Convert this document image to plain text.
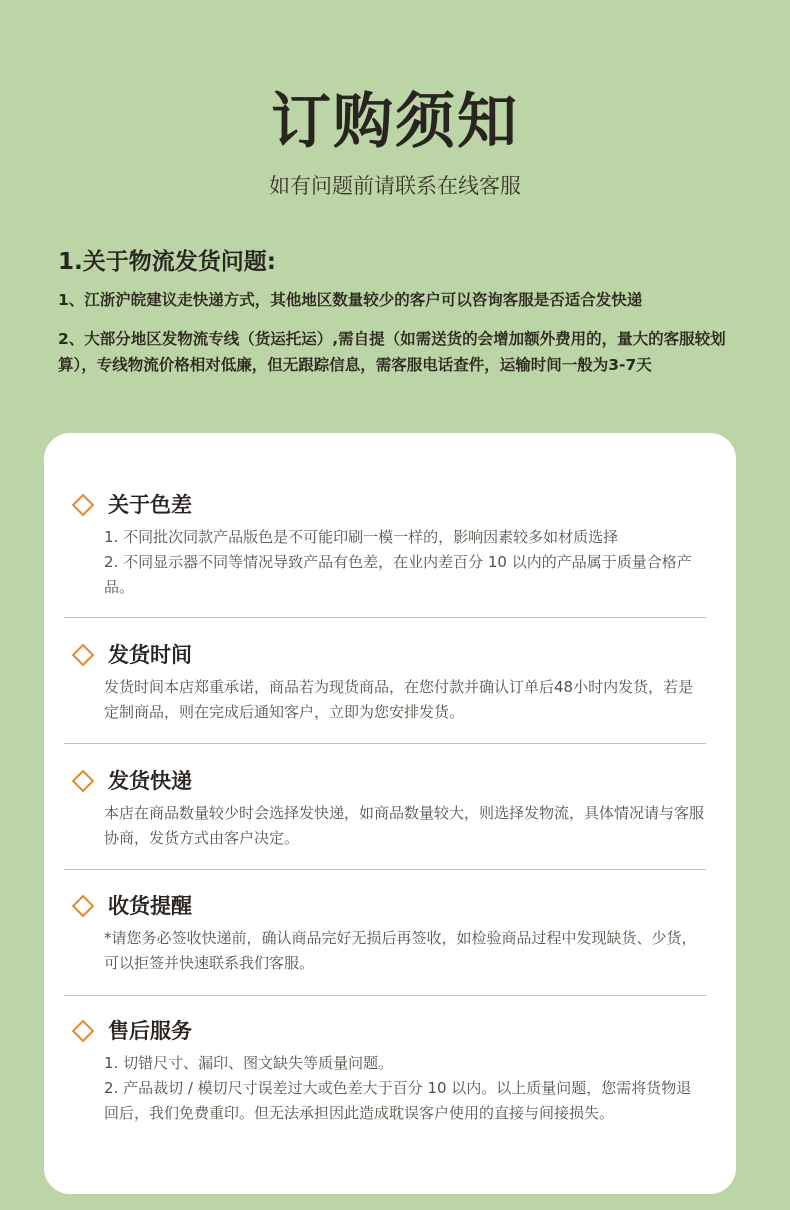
订购须知
如有问题前请联系在线客服
1.关于物流发货问题:
1、江浙沪皖建议走快递方式，其他地区数量较少的客户可以咨询客服是否适合发快递
2、大部分地区发物流专线（货运托运）,需自提（如需送货的会增加额外费用的，量大的客服较划算），专线物流价格相对低廉，但无跟踪信息，需客服电话查件，运输时间一般为3-7天
关于色差
1. 不同批次同款产品版色是不可能印刷一模一样的，影响因素较多如材质选择
2. 不同显示器不同等情况导致产品有色差，在业内差百分 10 以内的产品属于质量合格产品。
发货时间
发货时间本店郑重承诺，商品若为现货商品，在您付款并确认订单后48小时内发货，若是定制商品，则在完成后通知客户，立即为您安排发货。
发货快递
本店在商品数量较少时会选择发快递，如商品数量较大，则选择发物流，具体情况请与客服协商，发货方式由客户决定。
收货提醒
*请您务必签收快递前，确认商品完好无损后再签收，如检验商品过程中发现缺货、少货，可以拒签并快速联系我们客服。
售后服务
1. 切错尺寸、漏印、图文缺失等质量问题。
2. 产品裁切 / 模切尺寸误差过大或色差大于百分 10 以内。以上质量问题，您需将货物退回后，我们免费重印。但无法承担因此造成耽误客户使用的直接与间接损失。
